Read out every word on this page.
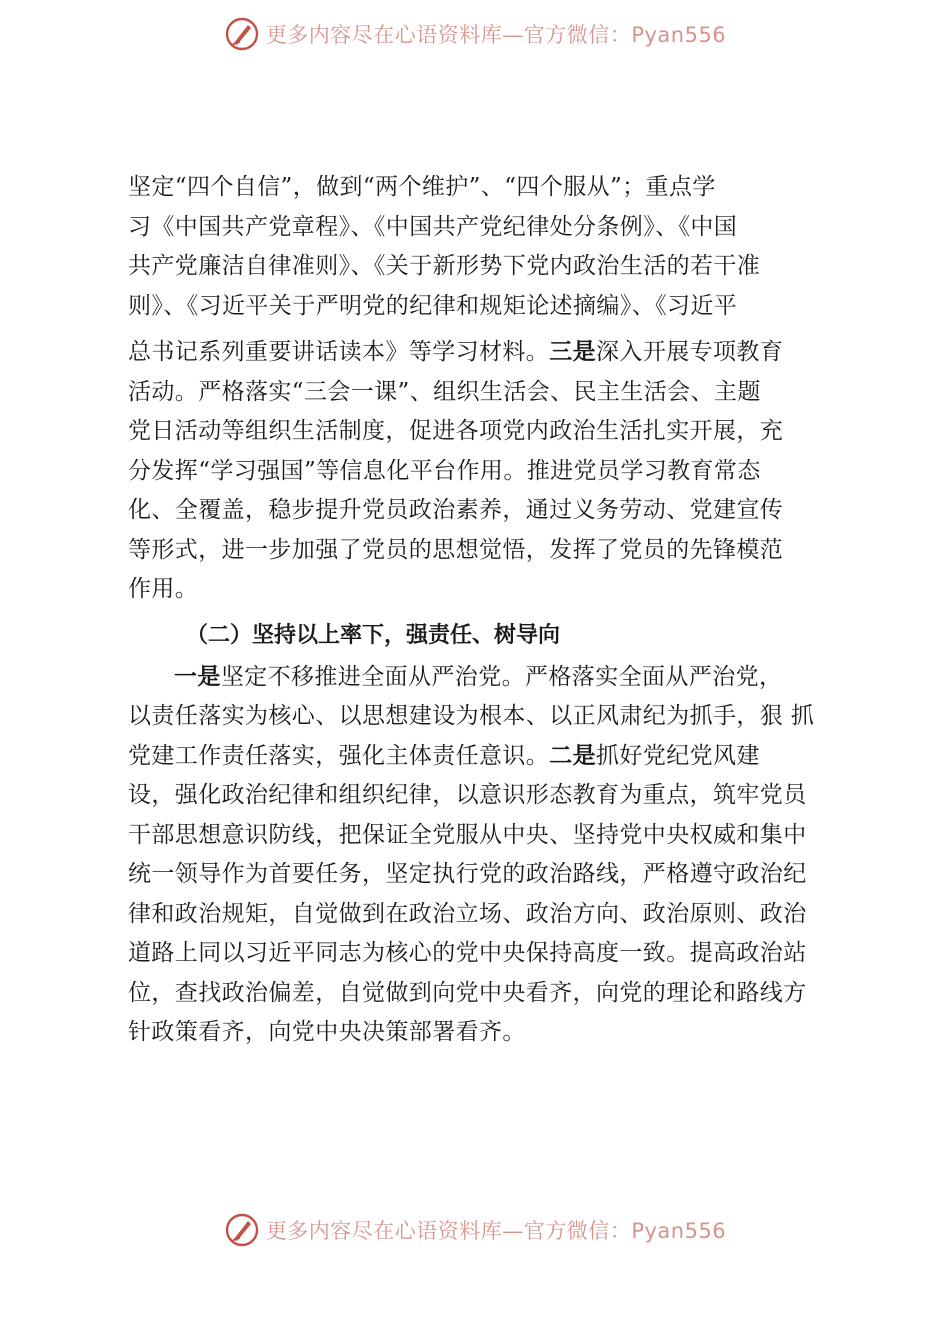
更多内容尽在心语资料库—官方微信：Pyan556
坚定“四个自信”，做到“两个维护”、“四个服从”；重点学
习《中国共产党章程》、《中国共产党纪律处分条例》、《中国
共产党廉洁自律准则》、《关于新形势下党内政治生活的若干准
则》、《习近平关于严明党的纪律和规矩论述摘编》、《习近平
总书记系列重要讲话读本》等学习材料。三是深入开展专项教育
活动。严格落实“三会一课”、组织生活会、民主生活会、主题
党日活动等组织生活制度，促进各项党内政治生活扎实开展，充
分发挥“学习强国”等信息化平台作用。推进党员学习教育常态
化、全覆盖，稳步提升党员政治素养，通过义务劳动、党建宣传
等形式，进一步加强了党员的思想觉悟，发挥了党员的先锋模范
作用。
（二）坚持以上率下，强责任、树导向
一是坚定不移推进全面从严治党。严格落实全面从严治党，
以责任落实为核心、以思想建设为根本、以正风肃纪为抓手，狠 抓
党建工作责任落实，强化主体责任意识。二是抓好党纪党风建
设，强化政治纪律和组织纪律，以意识形态教育为重点，筑牢党员
干部思想意识防线，把保证全党服从中央、坚持党中央权威和集中
统一领导作为首要任务，坚定执行党的政治路线，严格遵守政治纪
律和政治规矩，自觉做到在政治立场、政治方向、政治原则、政治
道路上同以习近平同志为核心的党中央保持高度一致。提高政治站
位，查找政治偏差，自觉做到向党中央看齐，向党的理论和路线方
针政策看齐，向党中央决策部署看齐。
更多内容尽在心语资料库—官方微信：Pyan556
